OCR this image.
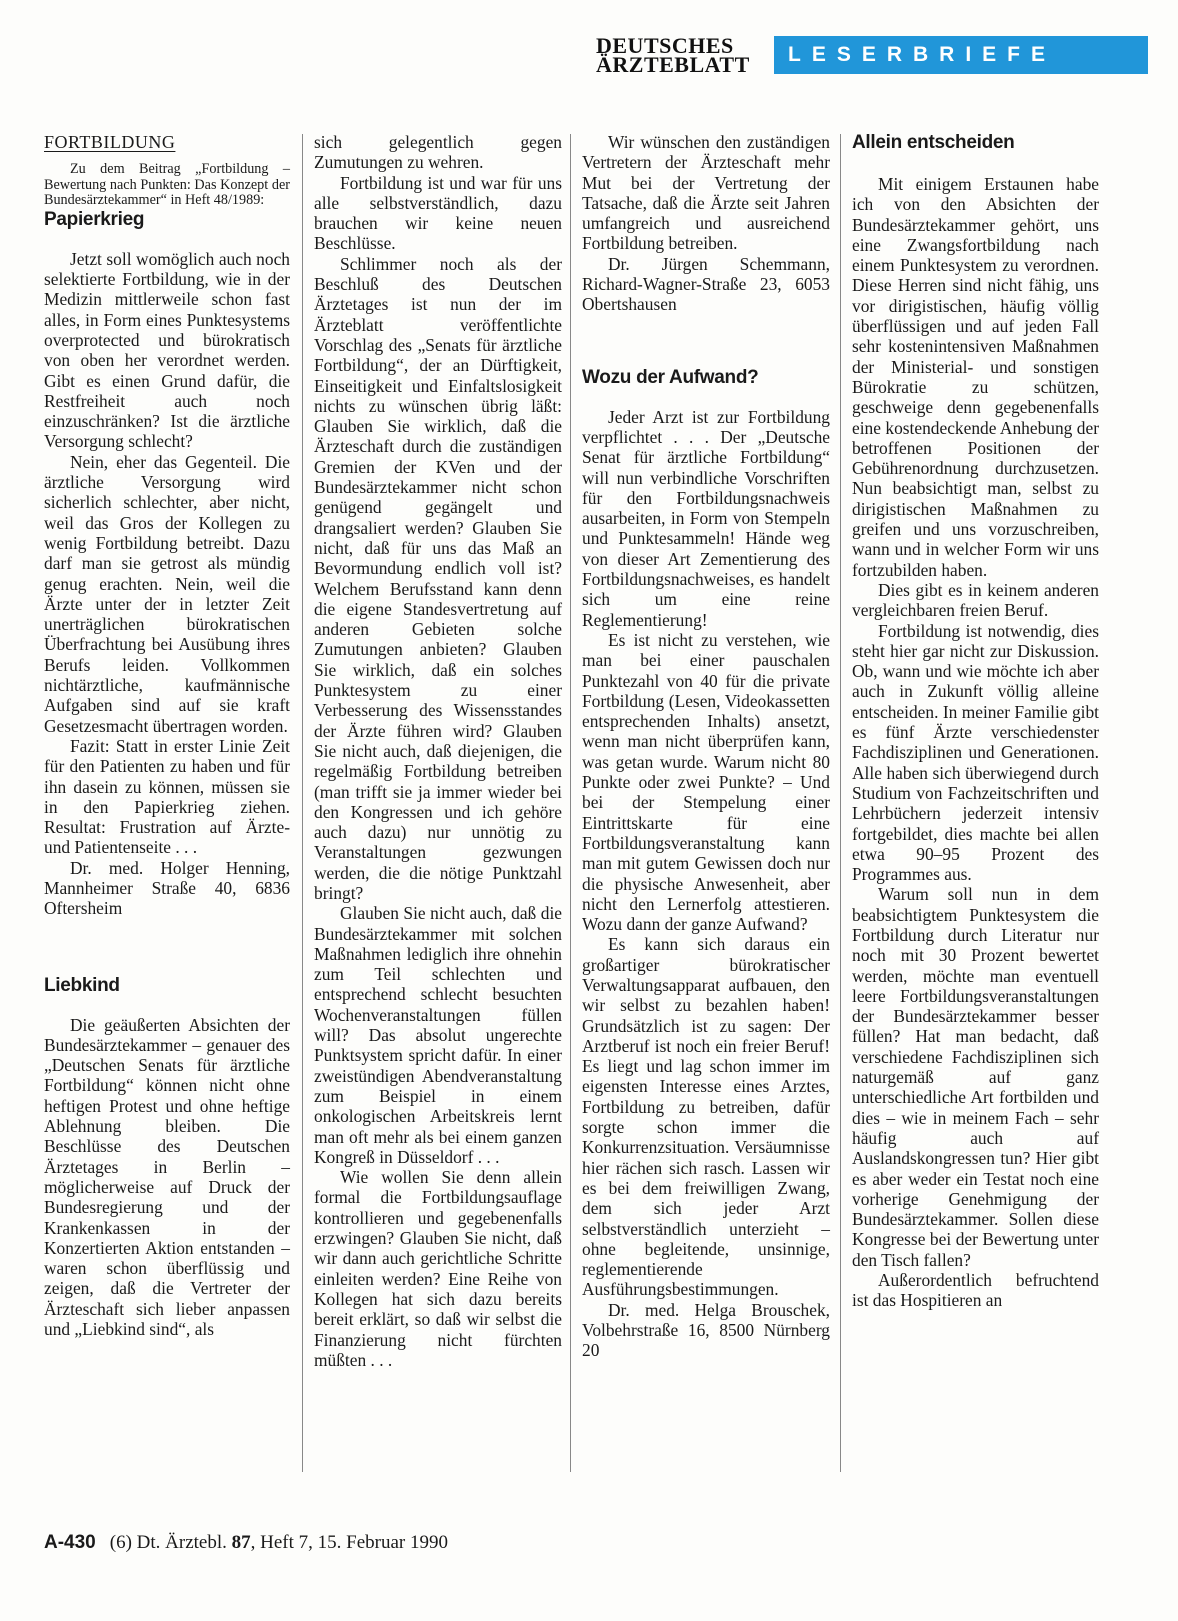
DEUTSCHES
ÄRZTEBLATT	LESERBRIEFE
FORTBILDUNG

Zu dem Beitrag „Fortbildung – Bewertung nach Punkten: Das Konzept der Bundesärztekammer“ in Heft 48/1989:

Papierkrieg

Jetzt soll womöglich auch noch selektierte Fortbildung, wie in der Medizin mittlerweile schon fast alles, in Form eines Punktesystems overprotected und bürokratisch von oben her verordnet werden. Gibt es einen Grund dafür, die Restfreiheit auch noch einzuschränken? Ist die ärztliche Versorgung schlecht?

Nein, eher das Gegenteil. Die ärztliche Versorgung wird sicherlich schlechter, aber nicht, weil das Gros der Kollegen zu wenig Fortbildung betreibt. Dazu darf man sie getrost als mündig genug erachten. Nein, weil die Ärzte unter der in letzter Zeit unerträglichen bürokratischen Überfrachtung bei Ausübung ihres Berufs leiden. Vollkommen nichtärztliche, kaufmännische Aufgaben sind auf sie kraft Gesetzesmacht übertragen worden.

Fazit: Statt in erster Linie Zeit für den Patienten zu haben und für ihn dasein zu können, müssen sie in den Papierkrieg ziehen. Resultat: Frustration auf Ärzte- und Patientenseite . . .

Dr. med. Holger Henning, Mannheimer Straße 40, 6836 Oftersheim

Liebkind

Die geäußerten Absichten der Bundesärztekammer – genauer des „Deutschen Senats für ärztliche Fortbildung“ können nicht ohne heftigen Protest und ohne heftige Ablehnung bleiben. Die Beschlüsse des Deutschen Ärztetages in Berlin – möglicherweise auf Druck der Bundesregierung und der Krankenkassen in der Konzertierten Aktion entstanden – waren schon überflüssig und zeigen, daß die Vertreter der Ärzteschaft sich lieber anpassen und „Liebkind sind“, als

sich gelegentlich gegen Zumutungen zu wehren.

Fortbildung ist und war für uns alle selbstverständlich, dazu brauchen wir keine neuen Beschlüsse.

Schlimmer noch als der Beschluß des Deutschen Ärztetages ist nun der im Ärzteblatt veröffentlichte Vorschlag des „Senats für ärztliche Fortbildung“, der an Dürftigkeit, Einseitigkeit und Einfaltslosigkeit nichts zu wünschen übrig läßt: Glauben Sie wirklich, daß die Ärzteschaft durch die zuständigen Gremien der KVen und der Bundesärztekammer nicht schon genügend gegängelt und drangsaliert werden? Glauben Sie nicht, daß für uns das Maß an Bevormundung endlich voll ist? Welchem Berufsstand kann denn die eigene Standesvertretung auf anderen Gebieten solche Zumutungen anbieten? Glauben Sie wirklich, daß ein solches Punktesystem zu einer Verbesserung des Wissensstandes der Ärzte führen wird? Glauben Sie nicht auch, daß diejenigen, die regelmäßig Fortbildung betreiben (man trifft sie ja immer wieder bei den Kongressen und ich gehöre auch dazu) nur unnötig zu Veranstaltungen gezwungen werden, die die nötige Punktzahl bringt?

Glauben Sie nicht auch, daß die Bundesärztekammer mit solchen Maßnahmen lediglich ihre ohnehin zum Teil schlechten und entsprechend schlecht besuchten Wochenveranstaltungen füllen will? Das absolut ungerechte Punktsystem spricht dafür. In einer zweistündigen Abendveranstaltung zum Beispiel in einem onkologischen Arbeitskreis lernt man oft mehr als bei einem ganzen Kongreß in Düsseldorf . . .

Wie wollen Sie denn allein formal die Fortbildungsauflage kontrollieren und gegebenenfalls erzwingen? Glauben Sie nicht, daß wir dann auch gerichtliche Schritte einleiten werden? Eine Reihe von Kollegen hat sich dazu bereits bereit erklärt, so daß wir selbst die Finanzierung nicht fürchten müßten . . .

Wir wünschen den zuständigen Vertretern der Ärzteschaft mehr Mut bei der Vertretung der Tatsache, daß die Ärzte seit Jahren umfangreich und ausreichend Fortbildung betreiben.

Dr. Jürgen Schemmann, Richard-Wagner-Straße 23, 6053 Obertshausen

Wozu der Aufwand?

Jeder Arzt ist zur Fortbildung verpflichtet . . . Der „Deutsche Senat für ärztliche Fortbildung“ will nun verbindliche Vorschriften für den Fortbildungsnachweis ausarbeiten, in Form von Stempeln und Punktesammeln! Hände weg von dieser Art Zementierung des Fortbildungsnachweises, es handelt sich um eine reine Reglementierung!

Es ist nicht zu verstehen, wie man bei einer pauschalen Punktezahl von 40 für die private Fortbildung (Lesen, Videokassetten entsprechenden Inhalts) ansetzt, wenn man nicht überprüfen kann, was getan wurde. Warum nicht 80 Punkte oder zwei Punkte? – Und bei der Stempelung einer Eintrittskarte für eine Fortbildungsveranstaltung kann man mit gutem Gewissen doch nur die physische Anwesenheit, aber nicht den Lernerfolg attestieren. Wozu dann der ganze Aufwand?

Es kann sich daraus ein großartiger bürokratischer Verwaltungsapparat aufbauen, den wir selbst zu bezahlen haben! Grundsätzlich ist zu sagen: Der Arztberuf ist noch ein freier Beruf! Es liegt und lag schon immer im eigensten Interesse eines Arztes, Fortbildung zu betreiben, dafür sorgte schon immer die Konkurrenzsituation. Versäumnisse hier rächen sich rasch. Lassen wir es bei dem freiwilligen Zwang, dem sich jeder Arzt selbstverständlich unterzieht – ohne begleitende, unsinnige, reglementierende Ausführungsbestimmungen.

Dr. med. Helga Brouschek, Volbehrstraße 16, 8500 Nürnberg 20

Allein entscheiden

Mit einigem Erstaunen habe ich von den Absichten der Bundesärztekammer gehört, uns eine Zwangsfortbildung nach einem Punktesystem zu verordnen. Diese Herren sind nicht fähig, uns vor dirigistischen, häufig völlig überflüssigen und auf jeden Fall sehr kostenintensiven Maßnahmen der Ministerial- und sonstigen Bürokratie zu schützen, geschweige denn gegebenenfalls eine kostendeckende Anhebung der betroffenen Positionen der Gebührenordnung durchzusetzen. Nun beabsichtigt man, selbst zu dirigistischen Maßnahmen zu greifen und uns vorzuschreiben, wann und in welcher Form wir uns fortzubilden haben.

Dies gibt es in keinem anderen vergleichbaren freien Beruf.

Fortbildung ist notwendig, dies steht hier gar nicht zur Diskussion. Ob, wann und wie möchte ich aber auch in Zukunft völlig alleine entscheiden. In meiner Familie gibt es fünf Ärzte verschiedenster Fachdisziplinen und Generationen. Alle haben sich überwiegend durch Studium von Fachzeitschriften und Lehrbüchern jederzeit intensiv fortgebildet, dies machte bei allen etwa 90–95 Prozent des Programmes aus.

Warum soll nun in dem beabsichtigtem Punktesystem die Fortbildung durch Literatur nur noch mit 30 Prozent bewertet werden, möchte man eventuell leere Fortbildungsveranstaltungen der Bundesärztekammer besser füllen? Hat man bedacht, daß verschiedene Fachdisziplinen sich naturgemäß auf ganz unterschiedliche Art fortbilden und dies – wie in meinem Fach – sehr häufig auch auf Auslandskongressen tun? Hier gibt es aber weder ein Testat noch eine vorherige Genehmigung der Bundesärztekammer. Sollen diese Kongresse bei der Bewertung unter den Tisch fallen?

Außerordentlich befruchtend ist das Hospitieren an

A-430 (6) Dt. Ärztebl. 87, Heft 7, 15. Februar 1990
